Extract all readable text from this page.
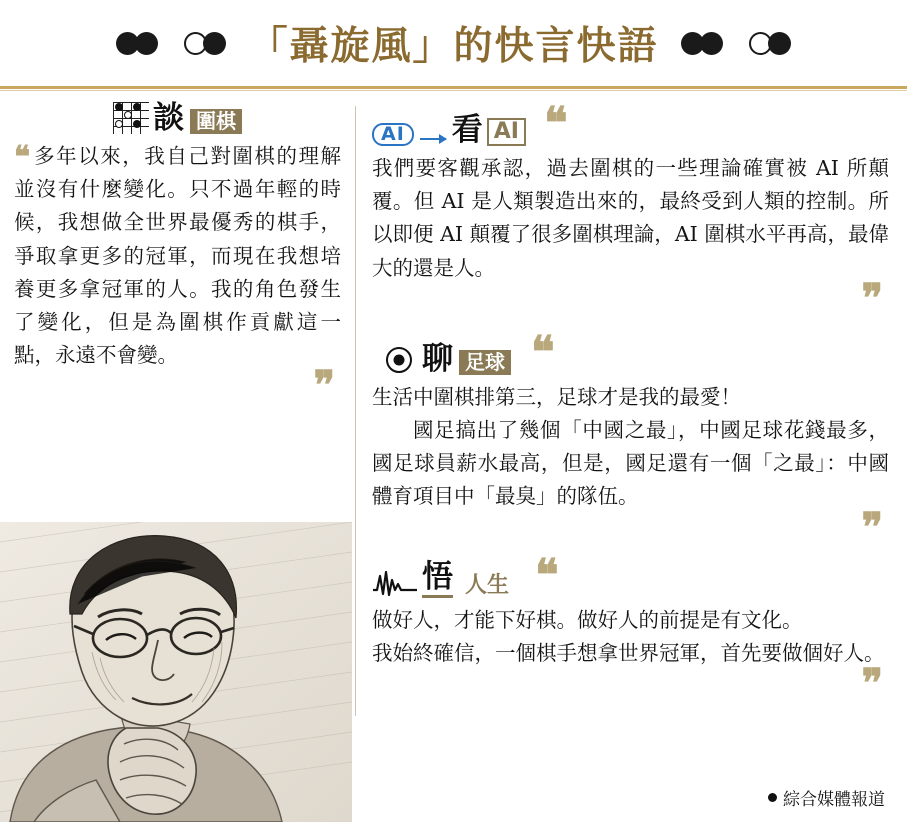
「聶旋風」的快言快語
談 圍棋
❝ 多年以來，我自己對圍棋的理解並沒有什麼變化。只不過年輕的時候，我想做全世界最優秀的棋手，爭取拿更多的冠軍，而現在我想培養更多拿冠軍的人。我的角色發生了變化，但是為圍棋作貢獻這一點，永遠不會變。
❞
AI 看 AI ❝
我們要客觀承認，過去圍棋的一些理論確實被 AI 所顛覆。但 AI 是人類製造出來的，最終受到人類的控制。所以即便 AI 顛覆了很多圍棋理論，AI 圍棋水平再高，最偉大的還是人。
❞
聊 足球 ❝
生活中圍棋排第三，足球才是我的最愛！
國足搞出了幾個「中國之最」，中國足球花錢最多，國足球員薪水最高，但是，國足還有一個「之最」：中國體育項目中「最臭」的隊伍。
❞
悟 人生 ❝
做好人，才能下好棋。做好人的前提是有文化。
我始終確信，一個棋手想拿世界冠軍，首先要做個好人。
❞
綜合媒體報道
